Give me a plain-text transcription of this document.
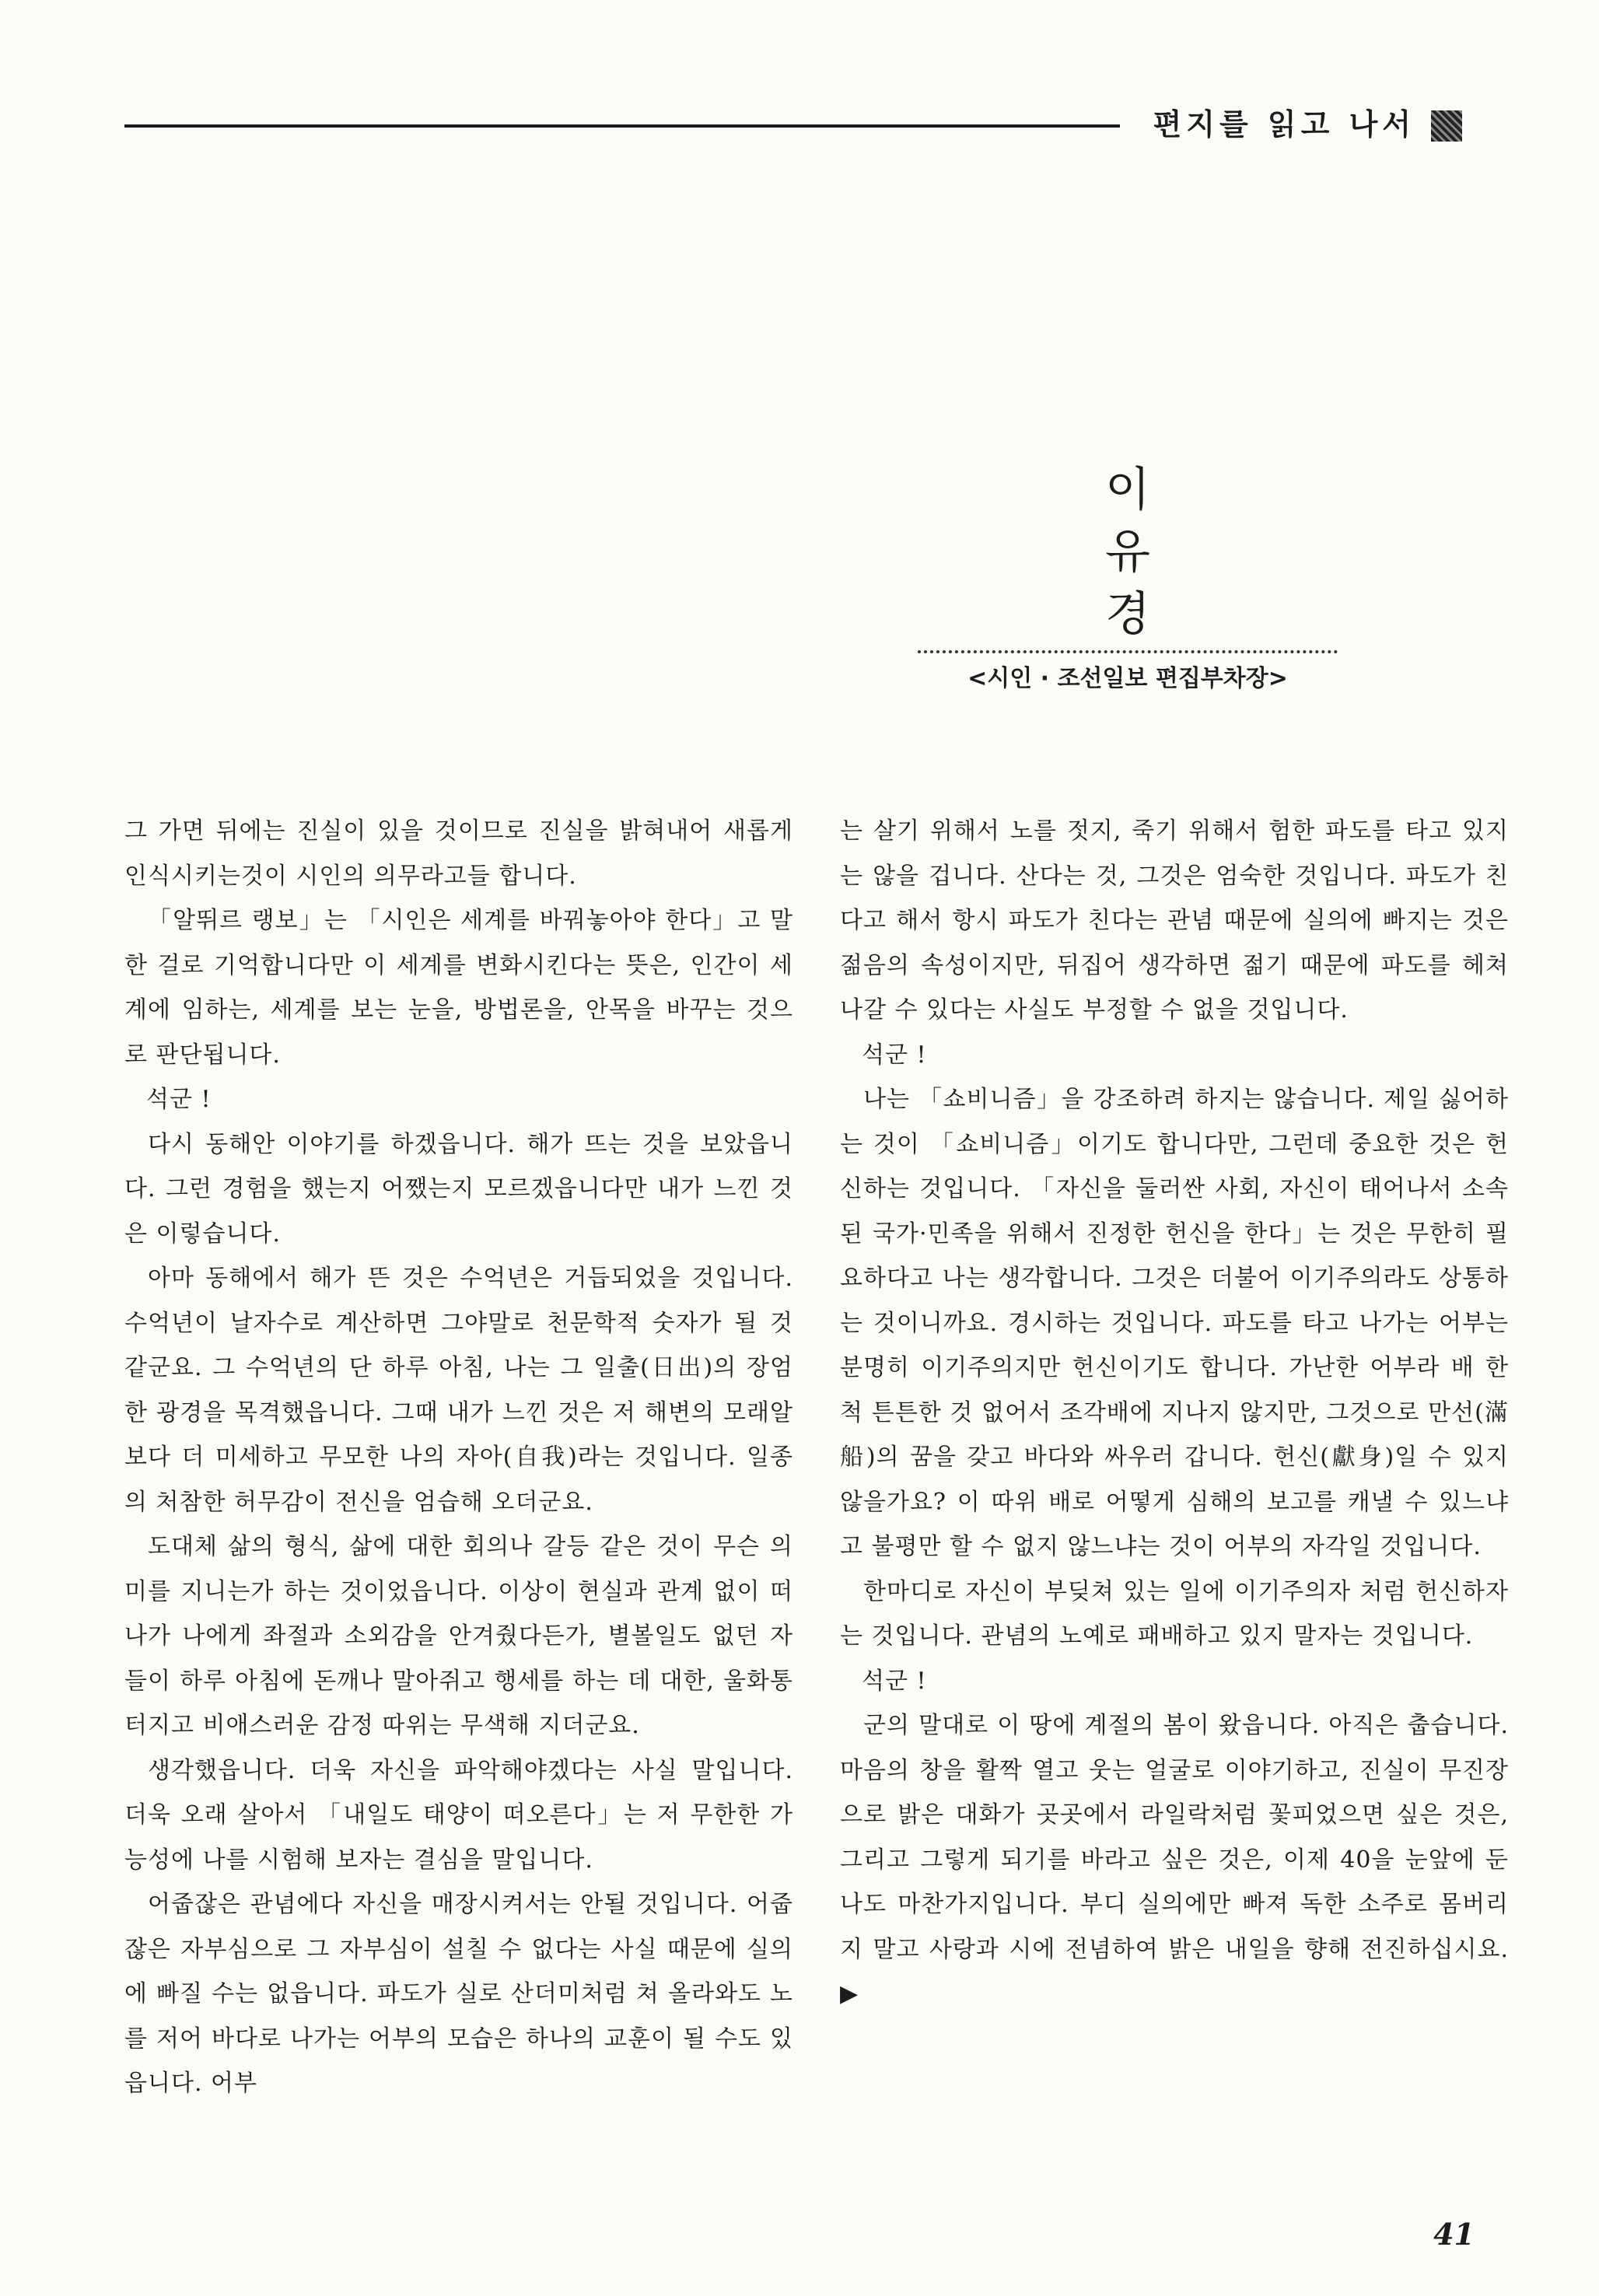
편지를 읽고 나서
이 유 경
<시인 · 조선일보 편집부차장>

그 가면 뒤에는 진실이 있을 것이므로 진실을 밝혀내어 새롭게 인식시키는것이 시인의 의무라고들 합니다.

「알뛰르 랭보」는 「시인은 세계를 바꿔놓아야 한다」고 말한 걸로 기억합니다만 이 세계를 변화시킨다는 뜻은, 인간이 세계에 임하는, 세계를 보는 눈을, 방법론을, 안목을 바꾸는 것으로 판단됩니다.

석군 !

다시 동해안 이야기를 하겠읍니다. 해가 뜨는 것을 보았읍니다. 그런 경험을 했는지 어쨌는지 모르겠읍니다만 내가 느낀 것은 이렇습니다.

아마 동해에서 해가 뜬 것은 수억년은 거듭되었을 것입니다. 수억년이 날자수로 계산하면 그야말로 천문학적 숫자가 될 것 같군요. 그 수억년의 단 하루 아침, 나는 그 일출(日出)의 장엄한 광경을 목격했읍니다. 그때 내가 느낀 것은 저 해변의 모래알 보다 더 미세하고 무모한 나의 자아(自我)라는 것입니다. 일종의 처참한 허무감이 전신을 엄습해 오더군요.

도대체 삶의 형식, 삶에 대한 회의나 갈등 같은 것이 무슨 의미를 지니는가 하는 것이었읍니다. 이상이 현실과 관계 없이 떠나가 나에게 좌절과 소외감을 안겨줬다든가, 별볼일도 없던 자들이 하루 아침에 돈깨나 말아쥐고 행세를 하는 데 대한, 울화통 터지고 비애스러운 감정 따위는 무색해 지더군요.

생각했읍니다. 더욱 자신을 파악해야겠다는 사실 말입니다. 더욱 오래 살아서 「내일도 태양이 떠오른다」는 저 무한한 가능성에 나를 시험해 보자는 결심을 말입니다.

어줍잖은 관념에다 자신을 매장시켜서는 안될 것입니다. 어줍잖은 자부심으로 그 자부심이 설칠 수 없다는 사실 때문에 실의에 빠질 수는 없읍니다. 파도가 실로 산더미처럼 쳐 올라와도 노를 저어 바다로 나가는 어부의 모습은 하나의 교훈이 될 수도 있읍니다. 어부

는 살기 위해서 노를 젓지, 죽기 위해서 험한 파도를 타고 있지는 않을 겁니다. 산다는 것, 그것은 엄숙한 것입니다. 파도가 친다고 해서 항시 파도가 친다는 관념 때문에 실의에 빠지는 것은 젊음의 속성이지만, 뒤집어 생각하면 젊기 때문에 파도를 헤쳐 나갈 수 있다는 사실도 부정할 수 없을 것입니다.

석군 !

나는 「쇼비니즘」을 강조하려 하지는 않습니다. 제일 싫어하는 것이 「쇼비니즘」이기도 합니다만, 그런데 중요한 것은 헌신하는 것입니다. 「자신을 둘러싼 사회, 자신이 태어나서 소속된 국가·민족을 위해서 진정한 헌신을 한다」는 것은 무한히 필요하다고 나는 생각합니다. 그것은 더불어 이기주의라도 상통하는 것이니까요. 경시하는 것입니다. 파도를 타고 나가는 어부는 분명히 이기주의지만 헌신이기도 합니다. 가난한 어부라 배 한척 튼튼한 것 없어서 조각배에 지나지 않지만, 그것으로 만선(滿船)의 꿈을 갖고 바다와 싸우러 갑니다. 헌신(獻身)일 수 있지 않을가요? 이 따위 배로 어떻게 심해의 보고를 캐낼 수 있느냐고 불평만 할 수 없지 않느냐는 것이 어부의 자각일 것입니다.

한마디로 자신이 부딪쳐 있는 일에 이기주의자 처럼 헌신하자는 것입니다. 관념의 노예로 패배하고 있지 말자는 것입니다.

석군 !

군의 말대로 이 땅에 계절의 봄이 왔읍니다. 아직은 춥습니다. 마음의 창을 활짝 열고 웃는 얼굴로 이야기하고, 진실이 무진장으로 밝은 대화가 곳곳에서 라일락처럼 꽃피었으면 싶은 것은, 그리고 그렇게 되기를 바라고 싶은 것은, 이제 40을 눈앞에 둔 나도 마찬가지입니다. 부디 실의에만 빠져 독한 소주로 몸버리지 말고 사랑과 시에 전념하여 밝은 내일을 향해 전진하십시요. ▶

41
